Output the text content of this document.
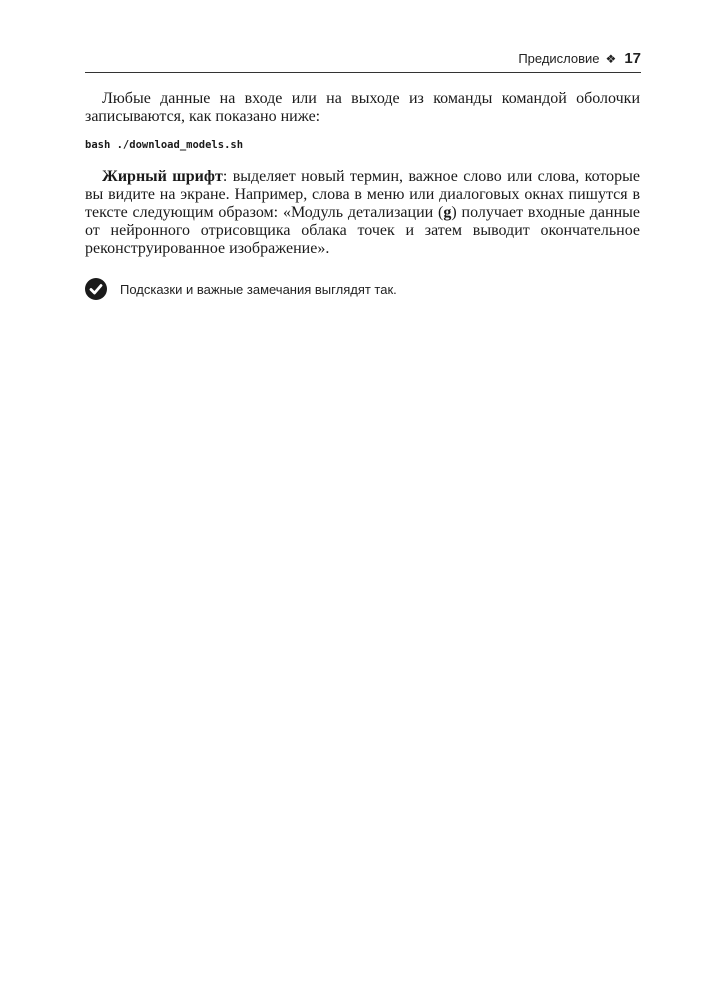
Предисловие ❖ 17

Любые данные на входе или на выходе из команды командой оболочки записываются, как показано ниже:

bash ./download_models.sh

Жирный шрифт: выделяет новый термин, важное слово или слова, которые вы видите на экране. Например, слова в меню или диалоговых окнах пишутся в тексте следующим образом: «Модуль детализации (g) получает входные данные от нейронного отрисовщика облака точек и затем выводит окончательное реконструированное изображение».

Подсказки и важные замечания выглядят так.
